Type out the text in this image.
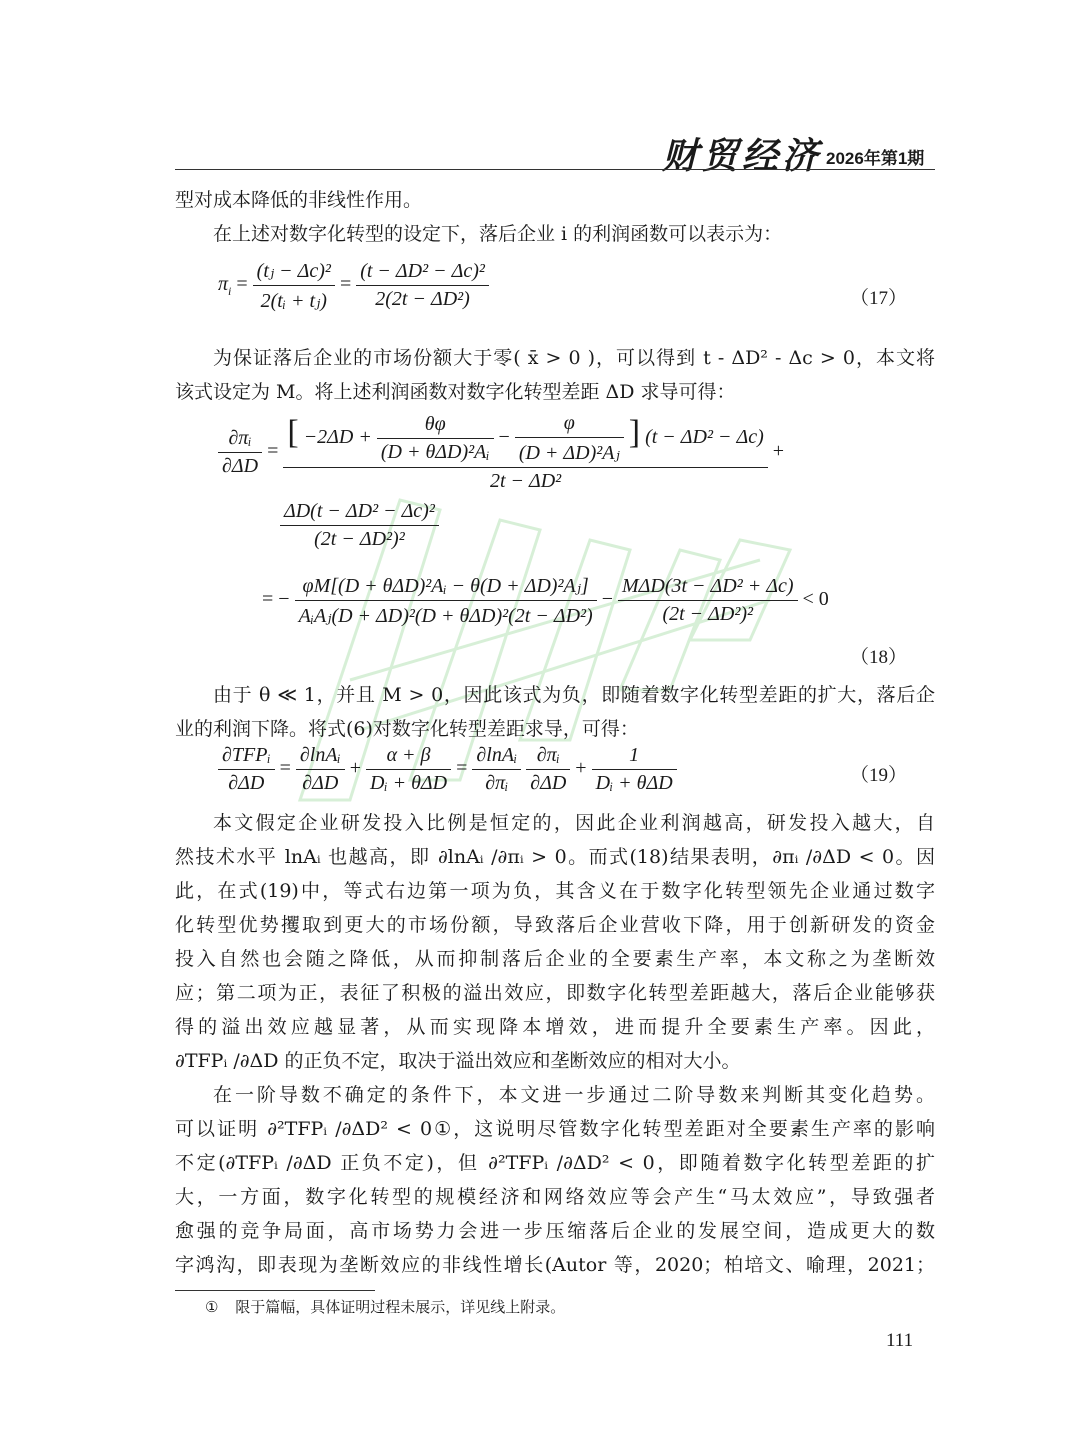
财贸经济 2026年第1期
型对成本降低的非线性作用。
在上述对数字化转型的设定下，落后企业 i 的利润函数可以表示为：
$\pi_i = \frac{\text{(tⱼ − Δc)²}}{\text{2(tᵢ + tⱼ)}} = \frac{\text{(t − ΔD² − Δc)²}}{\text{2(2t − ΔD²)}}$	（17）
为保证落后企业的市场份额大于零( x̄ > 0 )，可以得到 t - ΔD² - Δc > 0，本文将
该式设定为 M。将上述利润函数对数字化转型差距 ΔD 求导可得：
$\frac{\text{∂πᵢ}}{\partial\Delta D}$ = [ $-2\Delta D + \frac{\theta\varphi}{\text{(D + θΔD)²Aᵢ}} - \frac{\varphi}{\text{(D + ΔD)²Aⱼ}}$ ] (t − ΔD² − Δc)
2t − ΔD²
+
$\frac{\text{ΔD(t − ΔD² − Δc)²}}{\text{(2t − ΔD²)²}}$
= − $\frac{\text{φM[(D + θΔD)²Aᵢ − θ(D + ΔD)²Aⱼ]}}{\text{AᵢAⱼ(D + ΔD)²(D + θΔD)²(2t − ΔD²)}} - \frac{\text{MΔD(3t − ΔD² + Δc)}}{\text{(2t − ΔD²)²}} < 0$
（18）
由于 θ ≪ 1，并且 M > 0，因此该式为负，即随着数字化转型差距的扩大，落后企
业的利润下降。将式(6)对数字化转型差距求导，可得：
$\frac{\text{∂TFPᵢ}}{\partial\Delta D} = \frac{\text{∂lnAᵢ}}{\partial\Delta D} + \frac{\alpha + \beta}{\text{Dᵢ + θΔD}} = \frac{\text{∂lnAᵢ}}{\text{∂πᵢ}}$
$\frac{\text{∂πᵢ}}{\partial\Delta D} + \frac{1}{\text{Dᵢ + θΔD}}$	（19）
本文假定企业研发投入比例是恒定的，因此企业利润越高，研发投入越大，自
然技术水平 lnAᵢ 也越高，即 ∂lnAᵢ /∂πᵢ > 0。而式(18)结果表明，∂πᵢ /∂ΔD < 0。因
此，在式(19)中，等式右边第一项为负，其含义在于数字化转型领先企业通过数字
化转型优势攫取到更大的市场份额，导致落后企业营收下降，用于创新研发的资金
投入自然也会随之降低，从而抑制落后企业的全要素生产率，本文称之为垄断效
应；第二项为正，表征了积极的溢出效应，即数字化转型差距越大，落后企业能够获
得的溢出效应越显著，从而实现降本增效，进而提升全要素生产率。因此，
∂TFPᵢ /∂ΔD 的正负不定，取决于溢出效应和垄断效应的相对大小。
在一阶导数不确定的条件下，本文进一步通过二阶导数来判断其变化趋势。
可以证明 ∂²TFPᵢ /∂ΔD² < 0①，这说明尽管数字化转型差距对全要素生产率的影响
不定(∂TFPᵢ /∂ΔD 正负不定)，但 ∂²TFPᵢ /∂ΔD² < 0，即随着数字化转型差距的扩
大，一方面，数字化转型的规模经济和网络效应等会产生“马太效应”，导致强者
愈强的竞争局面，高市场势力会进一步压缩落后企业的发展空间，造成更大的数
字鸿沟，即表现为垄断效应的非线性增长(Autor 等，2020；柏培文、喻理，2021；
① 限于篇幅，具体证明过程未展示，详见线上附录。
111
